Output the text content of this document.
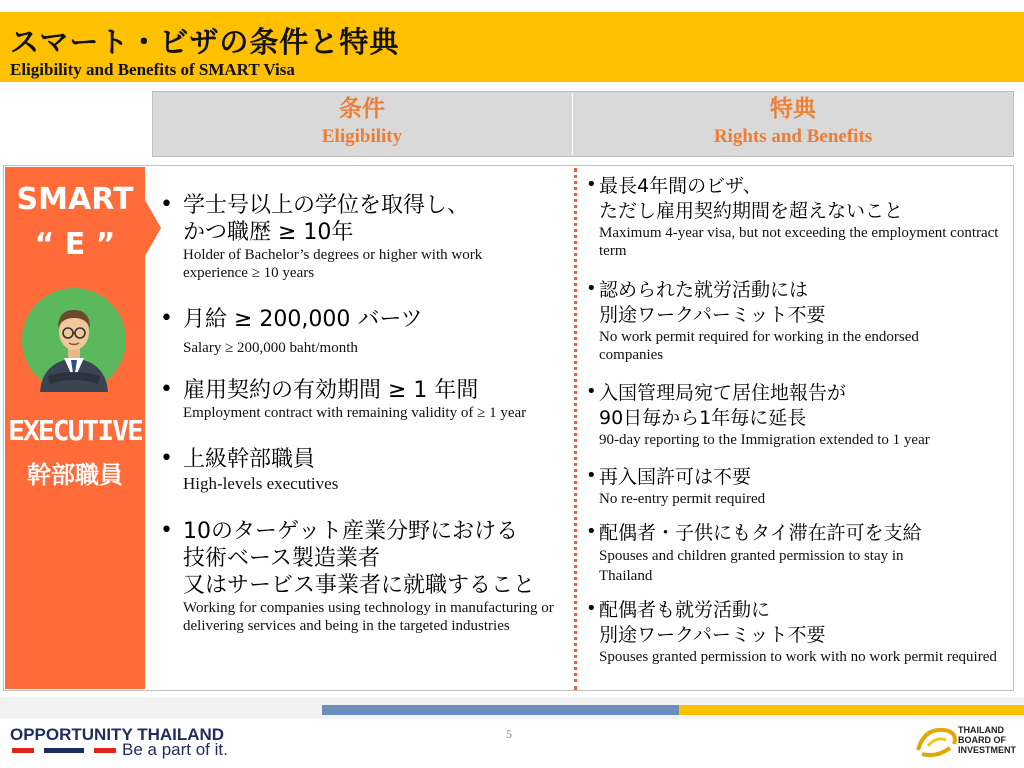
スマート・ビザの条件と特典
Eligibility and Benefits of SMART Visa
条件
Eligibility
特典
Rights and Benefits
SMART
“ E ”
EXECUTIVE
幹部職員
• 学士号以上の学位を取得し、
かつ職歴 ≥ 10年
Holder of Bachelor’s degrees or higher with work experience ≥ 10 years
• 月給 ≥ 200,000 バーツ
Salary ≥ 200,000 baht/month
• 雇用契約の有効期間 ≥ 1 年間
Employment contract with remaining validity of ≥ 1 year
• 上級幹部職員
High-levels executives
• 10のターゲット産業分野における
技術ベース製造業者
又はサービス事業者に就職すること
Working for companies using technology in manufacturing or delivering services and being in the targeted industries
• 最長4年間のビザ、
ただし雇用契約期間を超えないこと
Maximum 4-year visa, but not exceeding the employment contract term
• 認められた就労活動には
別途ワークパーミット不要
No work permit required for working in the endorsed companies
• 入国管理局宛て居住地報告が
90日毎から1年毎に延長
90-day reporting to the Immigration extended to 1 year
• 再入国許可は不要
No re-entry permit required
• 配偶者・子供にもタイ滞在許可を支給
Spouses and children granted permission to stay in Thailand
• 配偶者も就労活動に
別途ワークパーミット不要
Spouses granted permission to work with no work permit required
OPPORTUNITY THAILAND
Be a part of it.
5	THAILAND
BOARD OF
INVESTMENT
